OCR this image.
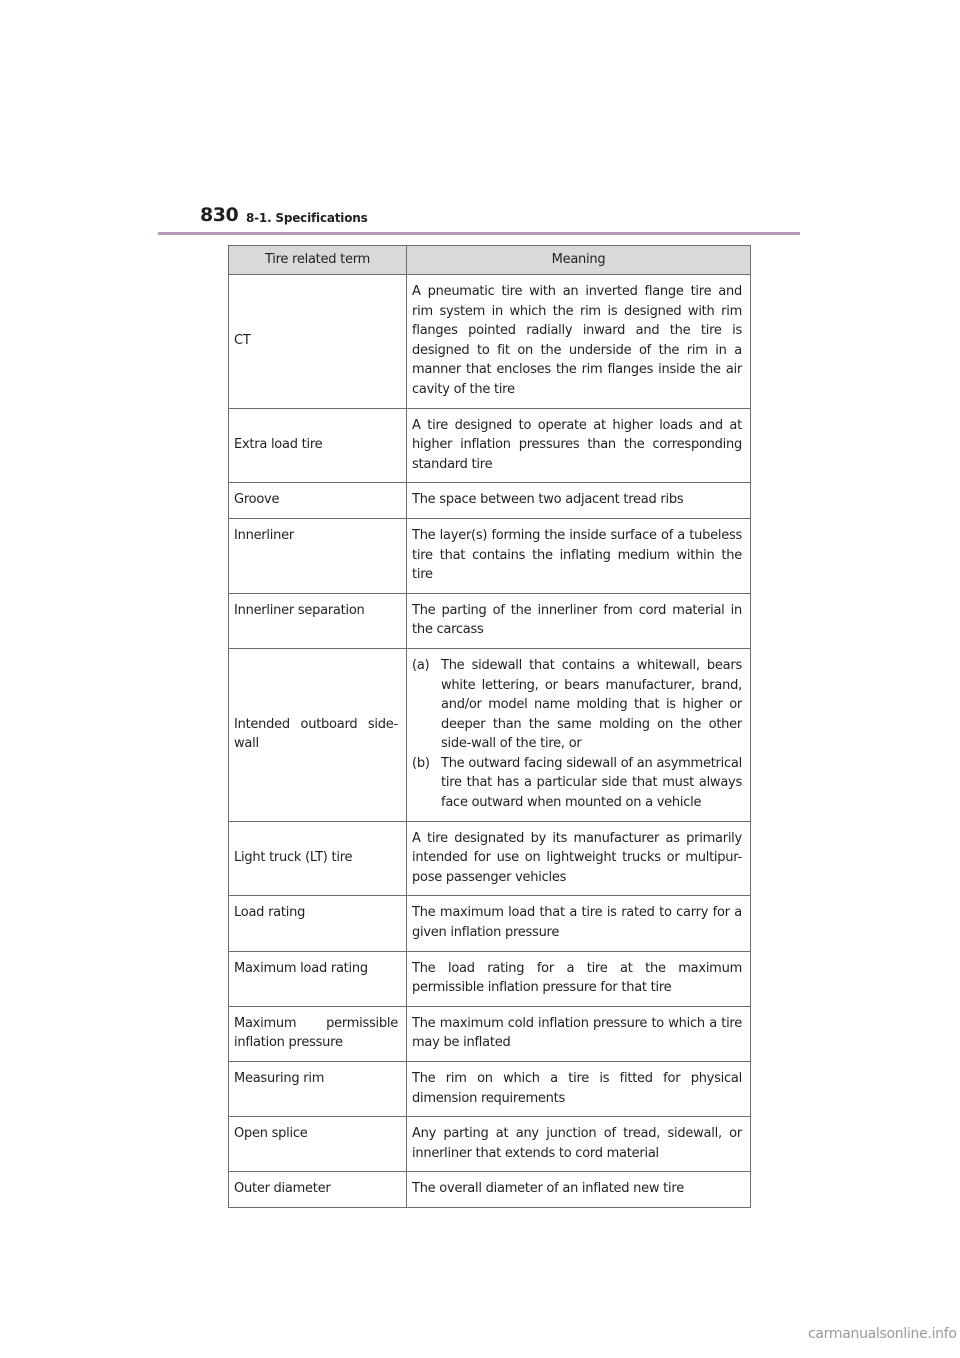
830 8-1. Specifications
Tire related term	Meaning
CT	A pneumatic tire with an inverted flange tire and rim system in which the rim is designed with rim flanges pointed radially inward and the tire is designed to fit on the underside of the rim in a manner that encloses the rim flanges inside the air cavity of the tire
Extra load tire	A tire designed to operate at higher loads and at higher inflation pressures than the corresponding standard tire
Groove	The space between two adjacent tread ribs
Innerliner	The layer(s) forming the inside surface of a tubeless tire that contains the inflating medium within the tire
Innerliner separation	The parting of the innerliner from cord material in the carcass
Intended outboard side-wall	(a) The sidewall that contains a whitewall, bears white lettering, or bears manufacturer, brand, and/or model name molding that is higher or deeper than the same molding on the other side-wall of the tire, or
(b) The outward facing sidewall of an asymmetrical tire that has a particular side that must always face outward when mounted on a vehicle

Light truck (LT) tire	A tire designated by its manufacturer as primarily intended for use on lightweight trucks or multipur-pose passenger vehicles
Load rating	The maximum load that a tire is rated to carry for a given inflation pressure
Maximum load rating	The load rating for a tire at the maximum permissible inflation pressure for that tire
Maximum permissible inflation pressure	The maximum cold inflation pressure to which a tire may be inflated
Measuring rim	The rim on which a tire is fitted for physical dimension requirements
Open splice	Any parting at any junction of tread, sidewall, or innerliner that extends to cord material
Outer diameter	The overall diameter of an inflated new tire
carmanualsonline.info
